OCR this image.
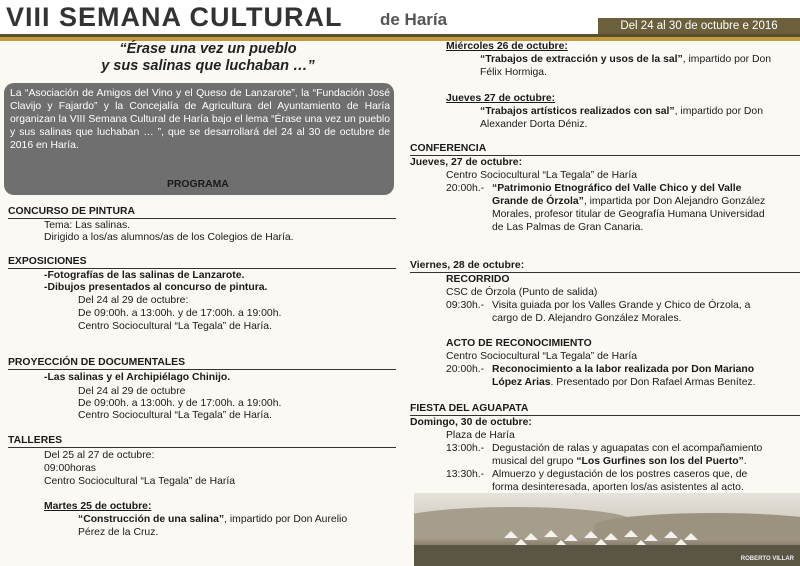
VIII SEMANA CULTURAL de Haría	Del 24 al 30 de octubre e 2016
“Érase una vez un pueblo
y sus salinas que luchaban …”
La “Asociación de Amigos del Vino y el Queso de Lanzarote”, la “Fundación José Clavijo y Fajardo” y la Concejalía de Agricultura del Ayuntamiento de Haría organizan la VIII Semana Cultural de Haría bajo el lema “Érase una vez un pueblo y sus salinas que luchaban … ”, que se desarrollará del 24 al 30 de octubre de 2016 en Haría.
PROGRAMA
CONCURSO DE PINTURA
Tema: Las salinas.
Dirigido a los/as alumnos/as de los Colegios de Haría.
EXPOSICIONES
-Fotografías de las salinas de Lanzarote.
-Dibujos presentados al concurso de pintura.
Del 24 al 29 de octubre:
De 09:00h. a 13:00h. y de 17:00h. a 19:00h.
Centro Sociocultural “La Tegala” de Haría.
PROYECCIÓN DE DOCUMENTALES
-Las salinas y el Archipiélago Chinijo.
Del 24 al 29 de octubre
De 09:00h. a 13:00h. y de 17:00h. a 19:00h.
Centro Sociocultural “La Tegala” de Haría.
TALLERES
Del 25 al 27 de octubre:
09:00horas
Centro Sociocultural “La Tegala” de Haría
Martes 25 de octubre:
“Construcción de una salina”, impartido por Don Aurelio
Pérez de la Cruz.
Miércoles 26 de octubre:
“Trabajos de extracción y usos de la sal”, impartido por Don
Félix Hormiga.
Jueves 27 de octubre:
“Trabajos artísticos realizados con sal”, impartido por Don
Alexander Dorta Déniz.
CONFERENCIA
Jueves, 27 de octubre:
Centro Sociocultural “La Tegala” de Haría
20:00h.- “Patrimonio Etnográfico del Valle Chico y del Valle
Grande de Órzola”, impartida por Don Alejandro González
Morales, profesor titular de Geografía Humana Universidad
de Las Palmas de Gran Canaria.
Viernes, 28 de octubre:
RECORRIDO
CSC de Órzola (Punto de salida)
09:30h.- Visita guiada por los Valles Grande y Chico de Órzola, a
cargo de D. Alejandro González Morales.
ACTO DE RECONOCIMIENTO
Centro Sociocultural “La Tegala” de Haría
20:00h.- Reconocimiento a la labor realizada por Don Mariano
López Arias. Presentado por Don Rafael Armas Benítez.
FIESTA DEL AGUAPATA
Domingo, 30 de octubre:
Plaza de Haría
13:00h.- Degustación de ralas y aguapatas con el acompañamiento
musical del grupo “Los Gurfines son los del Puerto”.
13:30h.- Almuerzo y degustación de los postres caseros que, de
forma desinteresada, aporten los/as asistentes al acto.
ROBERTO VILLAR
